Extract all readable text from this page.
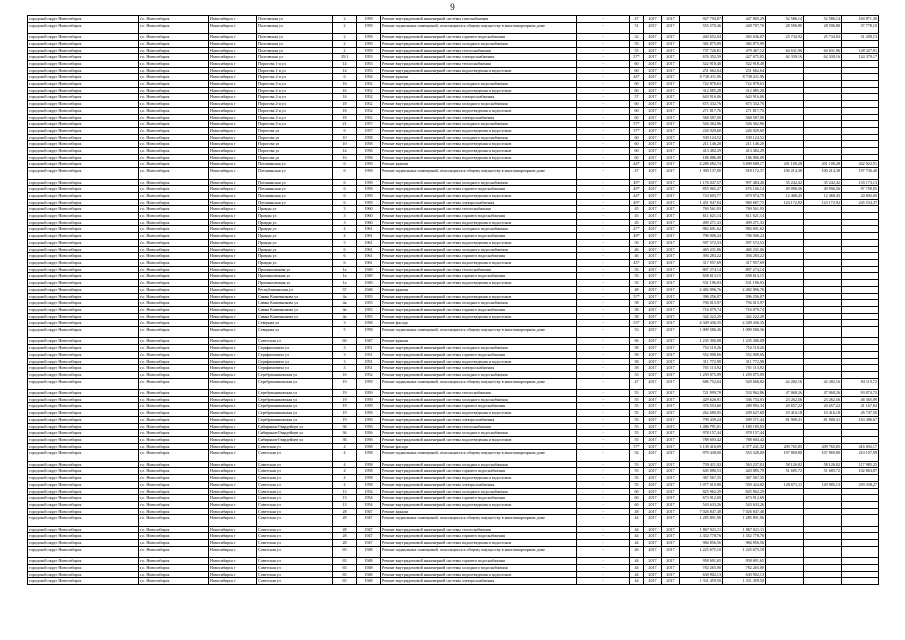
9
городской округ Новосибирск	г.о. Новосибирск	Новосибирск г	Полтавская ул	2	1959	Ремонт внутридомовой инженерной системы газоснабжения	-	47	2017	2017	927 794,87	447 805,29	52 586,14	52 586,14	104 871,30
городской округ Новосибирск	г.о. Новосибирск	Новосибирск г	Полтавская ул	2	1959	Ремонт подвальных помещений, относящихся к общему имуществу в многоквартирном доме	-	51	2017	2017	555 570,46	428 707,76	28 596,80	28 596,80	57 778,10
городской округ Новосибирск	г.о. Новосибирск	Новосибирск г	Полтавская ул	2	1959	Ремонт внутридомовой инженерной системы горячего водоснабжения	-	52	2017	2017	440 652,04	365 636,07	25 734,92	25 734,92	51 208,13
городской округ Новосибирск	г.о. Новосибирск	Новосибирск г	Полтавская ул	2	1959	Ремонт внутридомовой инженерной системы холодного водоснабжения	-	55	2017	2017	382 875,09	382 875,09			
городской округ Новосибирск	г.о. Новосибирск	Новосибирск г	Полтавская ул	2	1959	Ремонт внутридомовой инженерной системы теплоснабжения	-	55	2017	2017	737 726,81	479 467,12	64 631,96	64 631,96	128 327,81
городской округ Новосибирск	г.о. Новосибирск	Новосибирск г	Полтавская ул	35/1	1953	Ремонт внутридомовой инженерной системы электроснабжения	-	57*	2017	2017	676 352,59	427 675,05	62 339,16	62 339,16	124 379,17
городской округ Новосибирск	г.о. Новосибирск	Новосибирск г	Порогова 1-я ул	14	1953	Ремонт внутридомовой инженерной системы теплоснабжения	-	60	2017	2017	522 918,40	522 918,40			
городской округ Новосибирск	г.о. Новосибирск	Новосибирск г	Порогова 1-я ул	14	1953	Ремонт внутридомовой инженерной системы водоотведения и водостоков	-	60	2017	2017	251 662,64	251 662,64			
городской округ Новосибирск	г.о. Новосибирск	Новосибирск г	Порогова 2-я ул	6	1954	Ремонт крыши	-	44*	2017	2017	8 738 411,96	8 738 411,96			
городской округ Новосибирск	г.о. Новосибирск	Новосибирск г	Порогова 2-я ул	16	1952	Ремонт внутридомовой инженерной системы холодного водоснабжения	-	60	2017	2017	722 878,63	722 878,63			
городской округ Новосибирск	г.о. Новосибирск	Новосибирск г	Порогова 2-я ул	16	1952	Ремонт внутридомовой инженерной системы водоотведения и водостоков	-	60	2017	2017	312 085,28	312 085,28			
городской округ Новосибирск	г.о. Новосибирск	Новосибирск г	Порогова 2-я ул	16	1952	Ремонт внутридомовой инженерной системы электроснабжения	-	57	2017	2017	643 916,06	643 916,06			
городской округ Новосибирск	г.о. Новосибирск	Новосибирск г	Порогова 2-я ул	18	1952	Ремонт внутридомовой инженерной системы холодного водоснабжения	-	60	2017	2017	675 332,76	675 332,76			
городской округ Новосибирск	г.о. Новосибирск	Новосибирск г	Порогова 2-я ул	18	1952	Ремонт внутридомовой инженерной системы водоотведения и водостоков	-	60	2017	2017	271 817,76	271 817,76			
городской округ Новосибирск	г.о. Новосибирск	Новосибирск г	Порогова 2-я ул	18	1952	Ремонт внутридомовой инженерной системы электроснабжения	-	60	2017	2017	568 587,00	568 587,00			
городской округ Новосибирск	г.о. Новосибирск	Новосибирск г	Порогова 2-я ул	21	1957	Ремонт внутридомовой инженерной системы холодного водоснабжения	-	57*	2017	2017	526 362,86	526 362,86			
городской округ Новосибирск	г.о. Новосибирск	Новосибирск г	Порогова ул	6	1957	Ремонт внутридомовой инженерной системы водоотведения и водостоков	-	57*	2017	2017	226 929,60	226 929,60			
городской округ Новосибирск	г.о. Новосибирск	Новосибирск г	Порогова ул	10	1958	Ремонт внутридомовой инженерной системы холодного водоснабжения	-	60	2017	2017	539 124,52	539 124,52			
городской округ Новосибирск	г.о. Новосибирск	Новосибирск г	Порогова ул	10	1958	Ремонт внутридомовой инженерной системы водоотведения и водостоков	-	60	2017	2017	211 146,20	211 146,20			
городской округ Новосибирск	г.о. Новосибирск	Новосибирск г	Порогова ул	14	1956	Ремонт внутридомовой инженерной системы водоотведения и водостоков	-	60	2017	2017	413 482,29	413 482,29			
городской округ Новосибирск	г.о. Новосибирск	Новосибирск г	Порогова ул	16	1956	Ремонт внутридомовой инженерной системы водоотведения и водостоков	-	60	2017	2017	186 886,08	186 886,08			
городской округ Новосибирск	г.о. Новосибирск	Новосибирск г	Потанинская ул	6	1959	Ремонт крыши	-	44*	2017	2017	4 286 682,74	3 699 680,17	201 100,28	201 100,28	442 022,91
городской округ Новосибирск	г.о. Новосибирск	Новосибирск г	Потанинская ул	6	1959	Ремонт подвальных помещений, относящихся к общему имуществу в многоквартирном доме	-	47	2017	2017	1 390 137,00	918 172,37	100 214,38	100 214,38	197 736,48
городской округ Новосибирск	г.о. Новосибирск	Новосибирск г	Потанинская ул	6	1959	Ремонт внутридомовой инженерной системы холодного водоснабжения	-	49*	2017	2017	1 176 047,57	997 484,26	35 242,42	35 242,42	133 173,13
городской округ Новосибирск	г.о. Новосибирск	Новосибирск г	Потанинская ул	6	1959	Ремонт внутридомовой инженерной системы горячего водоснабжения	-	49*	2017	2017	855 965,27	676 106,14	49 096,56	49 096,56	97 758,05
городской округ Новосибирск	г.о. Новосибирск	Новосибирск г	Потанинская ул	6	1959	Ремонт внутридомовой инженерной системы водоотведения и водостоков	-	44*	2017	2017	723 603,77	679 974,79	12 468,45	12 468,45	24 692,60
городской округ Новосибирск	г.о. Новосибирск	Новосибирск г	Потанинская ул	6	1959	Ремонт внутридомовой инженерной системы электроснабжения	-	49*	2017	2017	1 451 947,04	960 687,75	123 172,92	123 172,92	245 534,37
городской округ Новосибирск	г.о. Новосибирск	Новосибирск г	Правды ул	3	1960	Ремонт внутридомовой инженерной системы теплоснабжения	-	45	2017	2017	769 561,93	769 561,93			
городской округ Новосибирск	г.о. Новосибирск	Новосибирск г	Правды ул	3	1960	Ремонт внутридомовой инженерной системы горячего водоснабжения	-	45	2017	2017	611 621,14	611 621,14			
городской округ Новосибирск	г.о. Новосибирск	Новосибирск г	Правды ул	3	1960	Ремонт внутридомовой инженерной системы водоотведения и водостоков	-	45	2017	2017	499 271,33	499 271,33			
городской округ Новосибирск	г.о. Новосибирск	Новосибирск г	Правды ул	4	1961	Ремонт внутридомовой инженерной системы холодного водоснабжения	-	47*	2017	2017	982 691,62	982 691,62			
городской округ Новосибирск	г.о. Новосибирск	Новосибирск г	Правды ул	4	1961	Ремонт внутридомовой инженерной системы горячего водоснабжения	-	49*	2017	2017	796 006,24	796 006,24			
городской округ Новосибирск	г.о. Новосибирск	Новосибирск г	Правды ул	5	1961	Ремонт внутридомовой инженерной системы водоотведения и водостоков	-	50	2017	2017	597 572,53	597 572,53			
городской округ Новосибирск	г.о. Новосибирск	Новосибирск г	Правды ул	6	1961	Ремонт внутридомовой инженерной системы холодного водоснабжения	-	46	2017	2017	465 231,06	465 231,06			
городской округ Новосибирск	г.о. Новосибирск	Новосибирск г	Правды ул	6	1961	Ремонт внутридомовой инженерной системы горячего водоснабжения	-	46	2017	2017	394 283,22	394 283,22			
городской округ Новосибирск	г.о. Новосибирск	Новосибирск г	Правды ул	6	1961	Ремонт внутридомовой инженерной системы водоотведения и водостоков	-	45*	2017	2017	317 957,69	317 957,69			
городской округ Новосибирск	г.о. Новосибирск	Новосибирск г	Промышленная ул	1а	1949	Ремонт внутридомовой инженерной системы теплоснабжения	-	55	2017	2017	807 274,14	807 274,14			
городской округ Новосибирск	г.о. Новосибирск	Новосибирск г	Промышленная ул	1а	1949	Ремонт внутридомовой инженерной системы горячего водоснабжения	-	55	2017	2017	658 613,15	658 613,15			
городской округ Новосибирск	г.о. Новосибирск	Новосибирск г	Промышленная ул	1а	1949	Ремонт внутридомовой инженерной системы водоотведения и водостоков	-	55	2017	2017	531 196,03	531 196,03			
городской округ Новосибирск	г.о. Новосибирск	Новосибирск г	Республиканская ул	37	1948	Ремонт крыши	-	48	2017	2017	2 482 096,76	2 482 096,76			
городской округ Новосибирск	г.о. Новосибирск	Новосибирск г	Саввы Кожевникова ул	4а	1955	Ремонт внутридомовой инженерной системы водоотведения и водостоков	-	57*	2017	2017	396 256,07	396 256,07			
городской округ Новосибирск	г.о. Новосибирск	Новосибирск г	Саввы Кожевникова ул	4а	1955	Ремонт внутридомовой инженерной системы холодного водоснабжения	-	58	2017	2017	794 015,97	794 015,97			
городской округ Новосибирск	г.о. Новосибирск	Новосибирск г	Саввы Кожевникова ул	4а	1955	Ремонт внутридомовой инженерной системы горячего водоснабжения	-	58	2017	2017	716 079,74	716 079,74			
городской округ Новосибирск	г.о. Новосибирск	Новосибирск г	Саввы Кожевникова ул	4а	1955	Ремонт внутридомовой инженерной системы водоотведения и водостоков	-	58	2017	2017	342 222,29	342 222,29			
городской округ Новосибирск	г.о. Новосибирск	Новосибирск г	Северная ул	3	1958	Ремонт фасада	-	53*	2017	2017	4 349 436,35	4 349 436,35			
городской округ Новосибирск	г.о. Новосибирск	Новосибирск г	Северная ул	5	1958	Ремонт подвальных помещений, относящихся к общему имуществу в многоквартирном доме	-	53	2017	2017	1 009 586,36	1 009 586,36			
городской округ Новосибирск	г.о. Новосибирск	Новосибирск г	Советская ул	60	1947	Ремонт крыши	-	66	2017	2017	1 235 306,08	1 235 306,08			
городской округ Новосибирск	г.о. Новосибирск	Новосибирск г	Серафимовича ул	3	1951	Ремонт внутридомовой инженерной системы холодного водоснабжения	-	58	2017	2017	752 110,26	752 110,26			
городской округ Новосибирск	г.о. Новосибирск	Новосибирск г	Серафимовича ул	3	1951	Ремонт внутридомовой инженерной системы горячего водоснабжения	-	58	2017	2017	552 008,66	552 008,66			
городской округ Новосибирск	г.о. Новосибирск	Новосибирск г	Серафимовича ул	3	1951	Ремонт внутридомовой инженерной системы водоотведения и водостоков	-	58	2017	2017	311 772,98	311 772,98			
городской округ Новосибирск	г.о. Новосибирск	Новосибирск г	Серафимовича ул	3	1951	Ремонт внутридомовой инженерной системы электроснабжения	-	58	2017	2017	701 113,92	701 113,92			
городской округ Новосибирск	г.о. Новосибирск	Новосибирск г	Серебренниковская ул	16	1952	Ремонт внутридомовой инженерной системы холодного водоснабжения	-	53	2017	2017	1 259 075,09	1 259 075,09			
городской округ Новосибирск	г.о. Новосибирск	Новосибирск г	Серебренниковская ул	19	1959	Ремонт подвальных помещений, относящихся к общему имуществу в многоквартирном доме	-	47	2017	2017	686 752,64	520 668,82	42 282,16	42 282,16	84 119,72
городской округ Новосибирск	г.о. Новосибирск	Новосибирск г	Серебренниковская ул	19	1959	Ремонт внутридомовой инженерной системы теплоснабжения	-	55	2017	2017	721 999,78	533 962,86	47 068,26	47 068,26	93 874,72
городской округ Новосибирск	г.о. Новосибирск	Новосибирск г	Серебренниковская ул	19	1959	Ремонт внутридомовой инженерной системы холодного водоснабжения	-	55	2017	2017	429 626,91	336 733,03	23 262,56	23 262,56	46 365,89
городской округ Новосибирск	г.о. Новосибирск	Новосибирск г	Серебренниковская ул	19	1959	Ремонт внутридомовой инженерной системы горячего водоснабжения	-	55	2017	2017	376 553,60	289 992,34	20 657,22	20 657,22	41 167,82
городской округ Новосибирск	г.о. Новосибирск	Новосибирск г	Серебренниковская ул	19	1959	Ремонт внутридомовой инженерной системы водоотведения и водостоков	-	55	2017	2017	262 680,05	209 627,60	10 416,18	10 416,18	26 747,50
городской округ Новосибирск	г.о. Новосибирск	Новосибирск г	Серебренниковская ул	19	1959	Ремонт внутридомовой инженерной системы электроснабжения	-	55	2017	2017	799 439,24	509 571,44	81 900,31	81 900,31	163 386,67
городской округ Новосибирск	г.о. Новосибирск	Новосибирск г	Сибиряков-Гвардейцев ул	36	1956	Ремонт внутридомовой инженерной системы теплоснабжения	-	55	2017	2017	1 486 791,81	1 180 185,03			
городской округ Новосибирск	г.о. Новосибирск	Новосибирск г	Сибиряков-Гвардейцев ул	36	1956	Ремонт внутридомовой инженерной системы холодного водоснабжения	-	55	2017	2017	978 157,44	978 157,44			
городской округ Новосибирск	г.о. Новосибирск	Новосибирск г	Сибиряков-Гвардейцев ул	36	1956	Ремонт внутридомовой инженерной системы водоотведения и водостоков	-	55	2017	2017	788 603,42	788 603,42			
городской округ Новосибирск	г.о. Новосибирск	Новосибирск г	Советская ул	4	1958	Ремонт фасада	-	57*	2017	2017	3 139 416,09	2 377 241,32	209 765,85	209 765,85	416 692,17
городской округ Новосибирск	г.о. Новосибирск	Новосибирск г	Советская ул	4	1958	Ремонт подвальных помещений, относящихся к общему имуществу в многоквартирном доме	-	54	2017	2017	979 438,00	553 328,00	107 869,80	107 869,80	210 107,99
городской округ Новосибирск	г.о. Новосибирск	Новосибирск г	Советская ул	4	1958	Ремонт внутридомовой инженерной системы холодного водоснабжения	-	55	2017	2017	759 411,92	563 237,03	58 126,02	58 126,02	117 985,25
городской округ Новосибирск	г.о. Новосибирск	Новосибирск г	Советская ул	4	1958	Ремонт внутридомовой инженерной системы горячего водоснабжения	-	55	2017	2017	645 880,53	420 885,79	51 685,72	51 685,72	102 863,87
городской округ Новосибирск	г.о. Новосибирск	Новосибирск г	Советская ул	4	1958	Ремонт внутридомовой инженерной системы водоотведения и водостоков	-	55	2017	2017	367 567,35	367 567,35			
городской округ Новосибирск	г.о. Новосибирск	Новосибирск г	Советская ул	4	1958	Ремонт внутридомовой инженерной системы электроснабжения	-	55	2017	2017	1 077 010,80	559 424,82	128 671,11	129 985,13	259 338,27
городской округ Новосибирск	г.о. Новосибирск	Новосибирск г	Советская ул	13	1954	Ремонт внутридомовой инженерной системы холодного водоснабжения	-	60	2017	2017	825 962,29	825 962,29			
городской округ Новосибирск	г.о. Новосибирск	Новосибирск г	Советская ул	13	1954	Ремонт внутридомовой инженерной системы горячего водоснабжения	-	60	2017	2017	673 912,69	673 912,69			
городской округ Новосибирск	г.о. Новосибирск	Новосибирск г	Советская ул	13	1954	Ремонт внутридомовой инженерной системы водоотведения и водостоков	-	60	2017	2017	543 633,26	543 633,26			
городской округ Новосибирск	г.о. Новосибирск	Новосибирск г	Советская ул	28	1947	Ремонт крыши	-	48	2017	2017	7 026 847,48	7 026 847,48			
городской округ Новосибирск	г.о. Новосибирск	Новосибирск г	Советская ул	28	1947	Ремонт подвальных помещений, относящихся к общему имуществу в многоквартирном доме	-	44	2017	2017	1 285 891,96	1 285 891,96			
городской округ Новосибирск	г.о. Новосибирск	Новосибирск г	Советская ул	28	1947	Ремонт внутридомовой инженерной системы теплоснабжения	-	44	2017	2017	1 867 021,11	1 867 021,11			
городской округ Новосибирск	г.о. Новосибирск	Новосибирск г	Советская ул	28	1947	Ремонт внутридомовой инженерной системы горячего водоснабжения	-	44	2017	2017	1 352 778,76	1 352 778,76			
городской округ Новосибирск	г.о. Новосибирск	Новосибирск г	Советская ул	28	1947	Ремонт внутридомовой инженерной системы водоотведения и водостоков	-	44	2017	2017	984 856,56	984 856,56			
городской округ Новосибирск	г.о. Новосибирск	Новосибирск г	Советская ул	65	1948	Ремонт подвальных помещений, относящихся к общему имуществу в многоквартирном доме	-	46	2017	2017	1 225 675,10	1 225 675,10			
городской округ Новосибирск	г.о. Новосибирск	Новосибирск г	Советская ул	65	1948	Ремонт внутридомовой инженерной системы горячего водоснабжения	-	44	2017	2017	958 691,65	958 691,65			
городской округ Новосибирск	г.о. Новосибирск	Новосибирск г	Советская ул	65	1948	Ремонт внутридомовой инженерной системы холодного водоснабжения	-	44	2017	2017	782 265,00	782 265,00			
городской округ Новосибирск	г.о. Новосибирск	Новосибирск г	Советская ул	65	1948	Ремонт внутридомовой инженерной системы водоотведения и водостоков	-	44	2017	2017	630 902,13	630 902,13			
городской округ Новосибирск	г.о. Новосибирск	Новосибирск г	Советская ул	65	1948	Ремонт внутридомовой инженерной системы электроснабжения	-	44	2017	2017	1 331 459,50	1 331 459,50			
